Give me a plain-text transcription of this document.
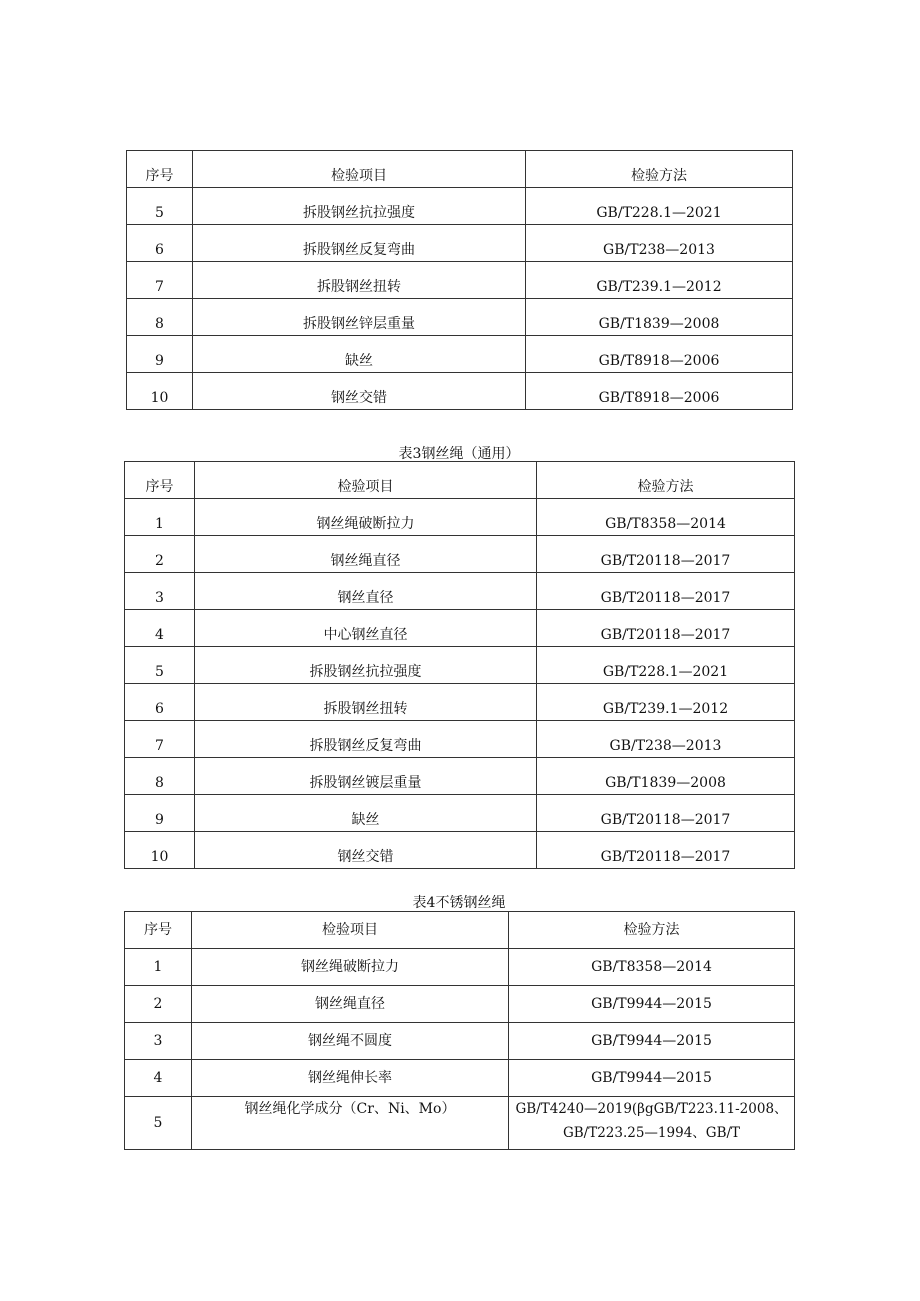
序号	检验项目	检验方法
5	拆股钢丝抗拉强度	GB/T228.1—2021
6	拆股钢丝反复弯曲	GB/T238—2013
7	拆股钢丝扭转	GB/T239.1—2012
8	拆股钢丝锌层重量	GB/T1839—2008
9	缺丝	GB/T8918—2006
10	钢丝交错	GB/T8918—2006
表3钢丝绳（通用）
序号	检验项目	检验方法
1	钢丝绳破断拉力	GB/T8358—2014
2	钢丝绳直径	GB/T20118—2017
3	钢丝直径	GB/T20118—2017
4	中心钢丝直径	GB/T20118—2017
5	拆股钢丝抗拉强度	GB/T228.1—2021
6	拆股钢丝扭转	GB/T239.1—2012
7	拆股钢丝反复弯曲	GB/T238—2013
8	拆股钢丝镀层重量	GB/T1839—2008
9	缺丝	GB/T20118—2017
10	钢丝交错	GB/T20118—2017
表4不锈钢丝绳
序号	检验项目	检验方法
1	钢丝绳破断拉力	GB/T8358—2014
2	钢丝绳直径	GB/T9944—2015
3	钢丝绳不圆度	GB/T9944—2015
4	钢丝绳伸长率	GB/T9944—2015
5	钢丝绳化学成分（Cr、Ni、Mo）	GB/T4240—2019(βgGB/T223.11-2008、GB/T223.25—1994、GB/T
